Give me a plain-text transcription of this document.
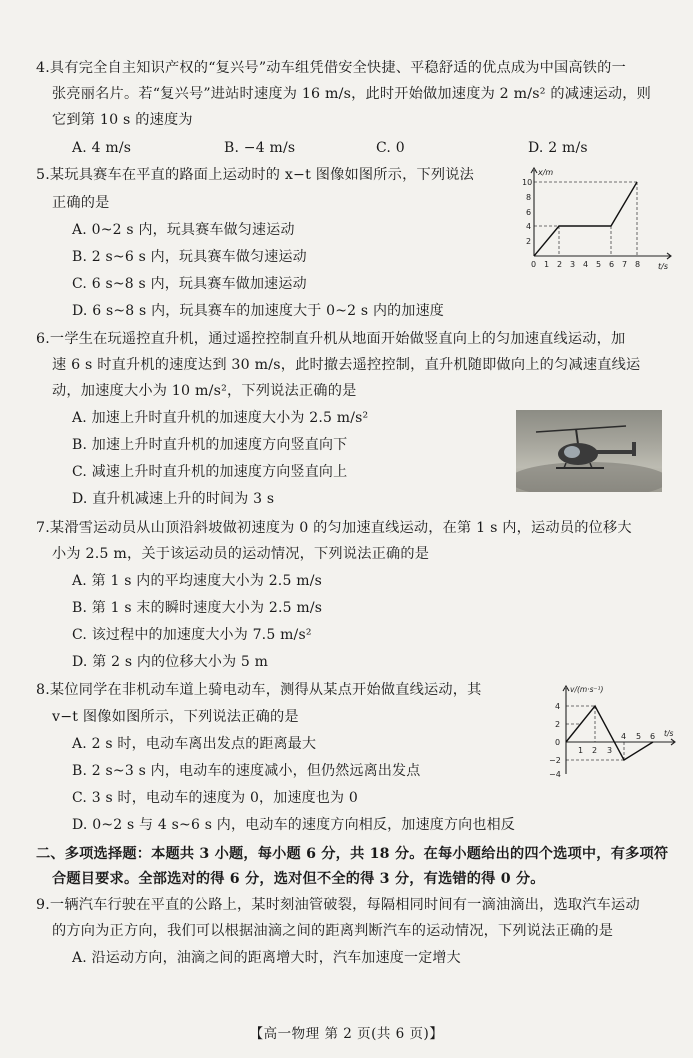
4.具有完全自主知识产权的“复兴号”动车组凭借安全快捷、平稳舒适的优点成为中国高铁的一
张亮丽名片。若“复兴号”进站时速度为 16 m/s，此时开始做加速度为 2 m/s² 的减速运动，则
它到第 10 s 的速度为
A. 4 m/s	B. −4 m/s	C. 0	D. 2 m/s
5.某玩具赛车在平直的路面上运动时的 x−t 图像如图所示，下列说法
正确的是
A. 0~2 s 内，玩具赛车做匀速运动
B. 2 s~6 s 内，玩具赛车做匀速运动
C. 6 s~8 s 内，玩具赛车做加速运动
D. 6 s~8 s 内，玩具赛车的加速度大于 0~2 s 内的加速度
x/m
t/s
10
8
6
4
2
0 1 2 3 4 5 6 7 8
6.一学生在玩遥控直升机，通过遥控控制直升机从地面开始做竖直向上的匀加速直线运动，加
速 6 s 时直升机的速度达到 30 m/s，此时撤去遥控控制，直升机随即做向上的匀减速直线运
动，加速度大小为 10 m/s²，下列说法正确的是
A. 加速上升时直升机的加速度大小为 2.5 m/s²
B. 加速上升时直升机的加速度方向竖直向下
C. 减速上升时直升机的加速度方向竖直向上
D. 直升机减速上升的时间为 3 s
7.某滑雪运动员从山顶沿斜坡做初速度为 0 的匀加速直线运动，在第 1 s 内，运动员的位移大
小为 2.5 m，关于该运动员的运动情况，下列说法正确的是
A. 第 1 s 内的平均速度大小为 2.5 m/s
B. 第 1 s 末的瞬时速度大小为 2.5 m/s
C. 该过程中的加速度大小为 7.5 m/s²
D. 第 2 s 内的位移大小为 5 m
8.某位同学在非机动车道上骑电动车，测得从某点开始做直线运动，其
v−t 图像如图所示，下列说法正确的是
A. 2 s 时，电动车离出发点的距离最大
B. 2 s~3 s 内，电动车的速度减小，但仍然远离出发点
C. 3 s 时，电动车的速度为 0，加速度也为 0
D. 0~2 s 与 4 s~6 s 内，电动车的速度方向相反，加速度方向也相反
v/(m·s⁻¹)
t/s
4
2
0
−2
−4
1 2 3
4 5 6
二、多项选择题：本题共 3 小题，每小题 6 分，共 18 分。在每小题给出的四个选项中，有多项符
合题目要求。全部选对的得 6 分，选对但不全的得 3 分，有选错的得 0 分。
9.一辆汽车行驶在平直的公路上，某时刻油管破裂，每隔相同时间有一滴油滴出，选取汽车运动
的方向为正方向，我们可以根据油滴之间的距离判断汽车的运动情况，下列说法正确的是
A. 沿运动方向，油滴之间的距离增大时，汽车加速度一定增大
【高一物理 第 2 页(共 6 页)】
